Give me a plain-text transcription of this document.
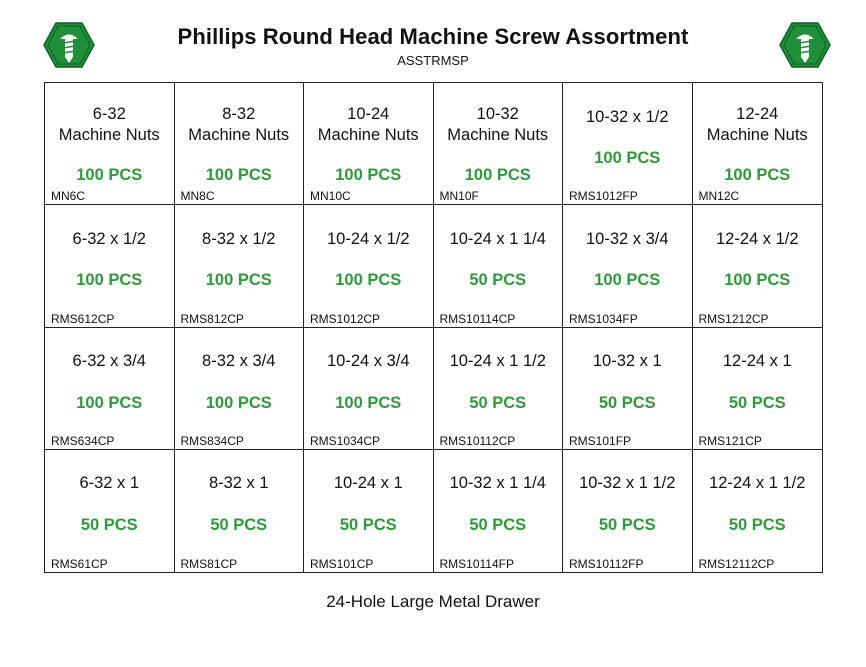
Phillips Round Head Machine Screw Assortment
ASSTRMSP
6-32
Machine Nuts
100 PCS
MN6C
8-32
Machine Nuts
100 PCS
MN8C
10-24
Machine Nuts
100 PCS
MN10C
10-32
Machine Nuts
100 PCS
MN10F
10-32 x 1/2
100 PCS
RMS1012FP
12-24
Machine Nuts
100 PCS
MN12C
6-32 x 1/2
100 PCS
RMS612CP
8-32 x 1/2
100 PCS
RMS812CP
10-24 x 1/2
100 PCS
RMS1012CP
10-24 x 1 1/4
50 PCS
RMS10114CP
10-32 x 3/4
100 PCS
RMS1034FP
12-24 x 1/2
100 PCS
RMS1212CP
6-32 x 3/4
100 PCS
RMS634CP
8-32 x 3/4
100 PCS
RMS834CP
10-24 x 3/4
100 PCS
RMS1034CP
10-24 x 1 1/2
50 PCS
RMS10112CP
10-32 x 1
50 PCS
RMS101FP
12-24 x 1
50 PCS
RMS121CP
6-32 x 1
50 PCS
RMS61CP
8-32 x 1
50 PCS
RMS81CP
10-24 x 1
50 PCS
RMS101CP
10-32 x 1 1/4
50 PCS
RMS10114FP
10-32 x 1 1/2
50 PCS
RMS10112FP
12-24 x 1 1/2
50 PCS
RMS12112CP
24-Hole Large Metal Drawer
